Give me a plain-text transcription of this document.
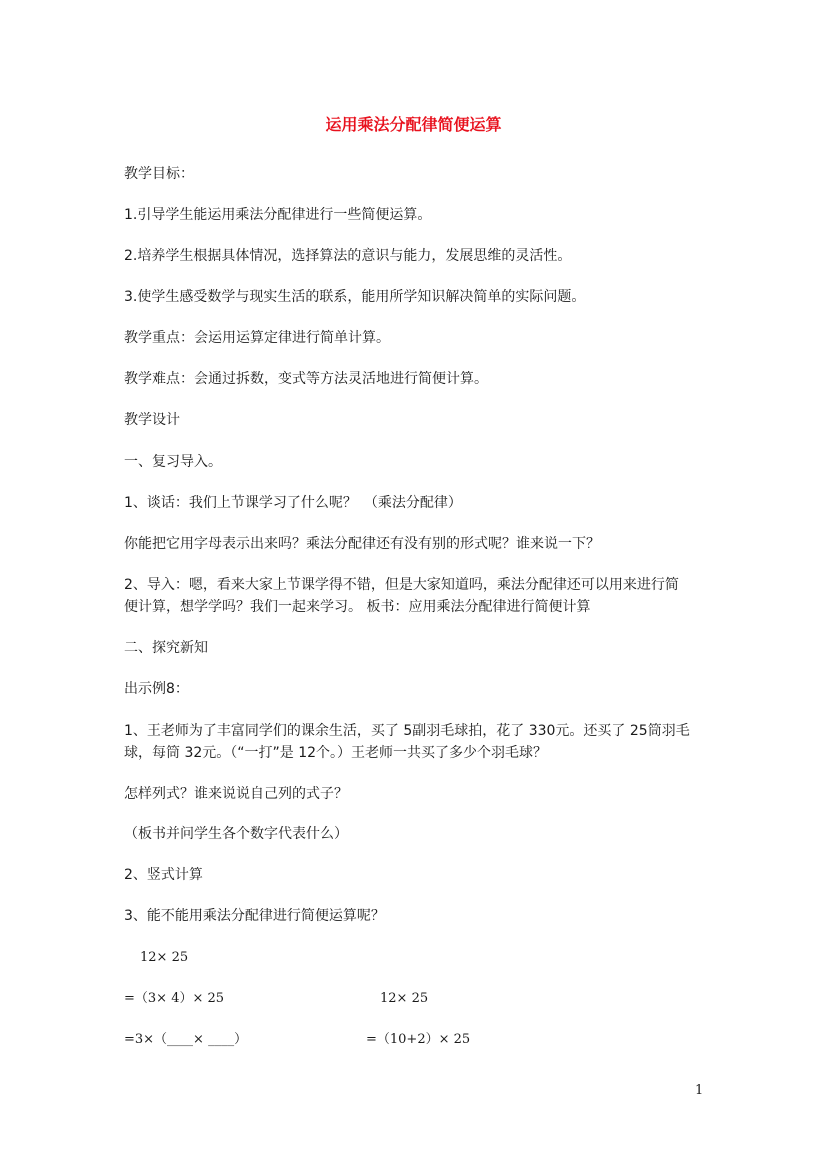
运用乘法分配律简便运算
教学目标：
1.引导学生能运用乘法分配律进行一些简便运算。
2.培养学生根据具体情况，选择算法的意识与能力，发展思维的灵活性。
3.使学生感受数学与现实生活的联系，能用所学知识解决简单的实际问题。
教学重点：会运用运算定律进行简单计算。
教学难点：会通过拆数，变式等方法灵活地进行简便计算。
教学设计
一、复习导入。
1、谈话：我们上节课学习了什么呢？　（乘法分配律）
你能把它用字母表示出来吗？乘法分配律还有没有别的形式呢？谁来说一下？
2、导入：嗯，看来大家上节课学得不错，但是大家知道吗，乘法分配律还可以用来进行简
便计算，想学学吗？我们一起来学习。 板书：应用乘法分配律进行简便计算
二、探究新知
出示例8：
1、王老师为了丰富同学们的课余生活，买了 5副羽毛球拍，花了 330元。还买了 25筒羽毛
球，每筒 32元。（“一打”是 12个。）王老师一共买了多少个羽毛球？
怎样列式？谁来说说自己列的式子？
（板书并问学生各个数字代表什么）
2、竖式计算
3、能不能用乘法分配律进行简便运算呢？
12× 25
=（3× 4）× 25
=3×（____× ____）
12× 25
=（10+2）× 25
1
